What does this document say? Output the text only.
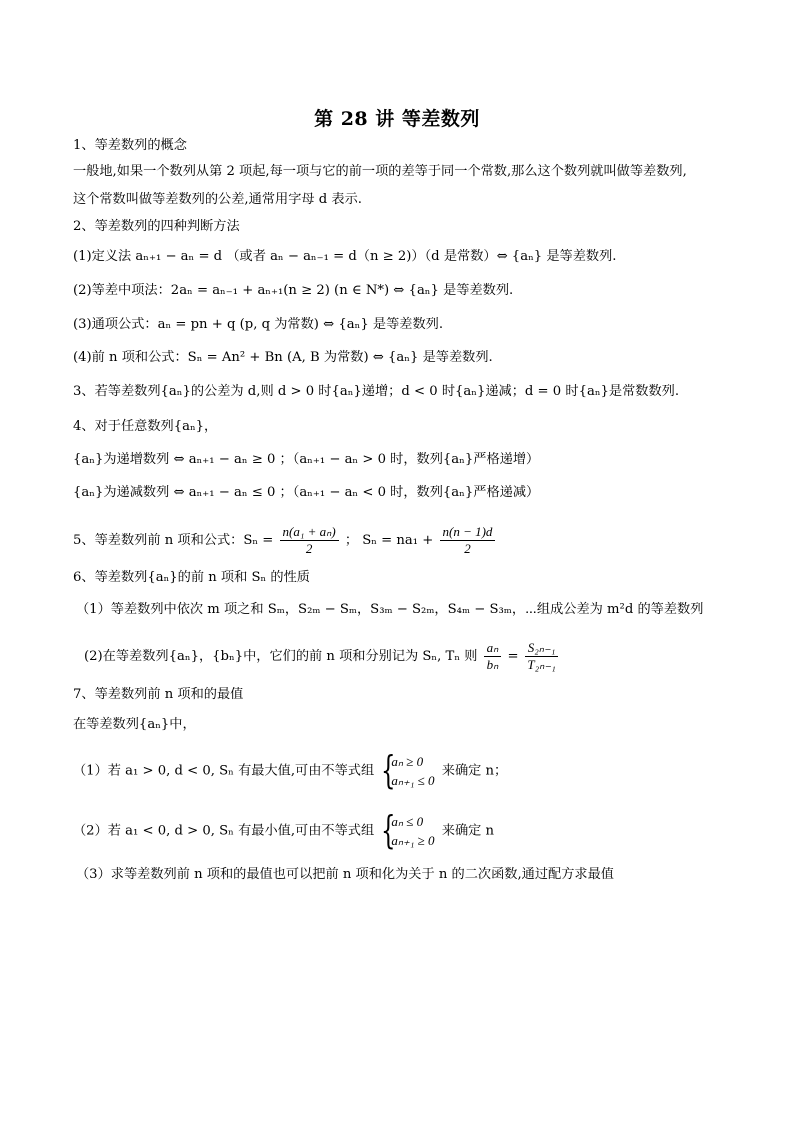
第 28 讲 等差数列
1、等差数列的概念
一般地,如果一个数列从第 2 项起,每一项与它的前一项的差等于同一个常数,那么这个数列就叫做等差数列,
这个常数叫做等差数列的公差,通常用字母 d 表示.
2、等差数列的四种判断方法
(1)定义法 aₙ₊₁ − aₙ = d （或者 aₙ − aₙ₋₁ = d（n ≥ 2)）（d 是常数）⇔ {aₙ} 是等差数列.
(2)等差中项法：2aₙ = aₙ₋₁ + aₙ₊₁(n ≥ 2) (n ∈ N*) ⇔ {aₙ} 是等差数列.
(3)通项公式：aₙ = pn + q (p, q 为常数) ⇔ {aₙ} 是等差数列.
(4)前 n 项和公式：Sₙ = An² + Bn (A, B 为常数) ⇔ {aₙ} 是等差数列.
3、若等差数列{aₙ}的公差为 d,则 d > 0 时{aₙ}递增；d < 0 时{aₙ}递减；d = 0 时{aₙ}是常数数列.
4、对于任意数列{aₙ}，
{aₙ}为递增数列 ⇔ aₙ₊₁ − aₙ ≥ 0 ；（aₙ₊₁ − aₙ > 0 时，数列{aₙ}严格递增）
{aₙ}为递减数列 ⇔ aₙ₊₁ − aₙ ≤ 0 ；（aₙ₊₁ − aₙ < 0 时，数列{aₙ}严格递减）
6、等差数列{aₙ}的前 n 项和 Sₙ 的性质
（1）等差数列中依次 m 项之和 Sₘ，S₂ₘ − Sₘ，S₃ₘ − S₂ₘ，S₄ₘ − S₃ₘ，⋯组成公差为 m²d 的等差数列
7、等差数列前 n 项和的最值
在等差数列{aₙ}中，
（3）求等差数列前 n 项和的最值也可以把前 n 项和化为关于 n 的二次函数,通过配方求最值
5、等差数列前 n 项和公式：$S_n = \frac{\text{n(a₁ + aₙ)}}{2}$ ； $S_n = na_1 + \frac{n(n - 1)d}{2}$
(2)在等差数列{aₙ}，{bₙ}中，它们的前 n 项和分别记为 Sₙ, Tₙ 则 $\frac{\text{aₙ}}{\text{bₙ}} = \frac{\text{S₂ₙ₋₁}}{\text{T₂ₙ₋₁}}$
（1）若 a₁ > 0, d < 0, Sₙ 有最大值,可由不等式组 {
aₙ ≥ 0
aₙ₊₁ ≤ 0
来确定 n；
（2）若 a₁ < 0, d > 0, Sₙ 有最小值,可由不等式组 {
aₙ ≤ 0
aₙ₊₁ ≥ 0
来确定 n
